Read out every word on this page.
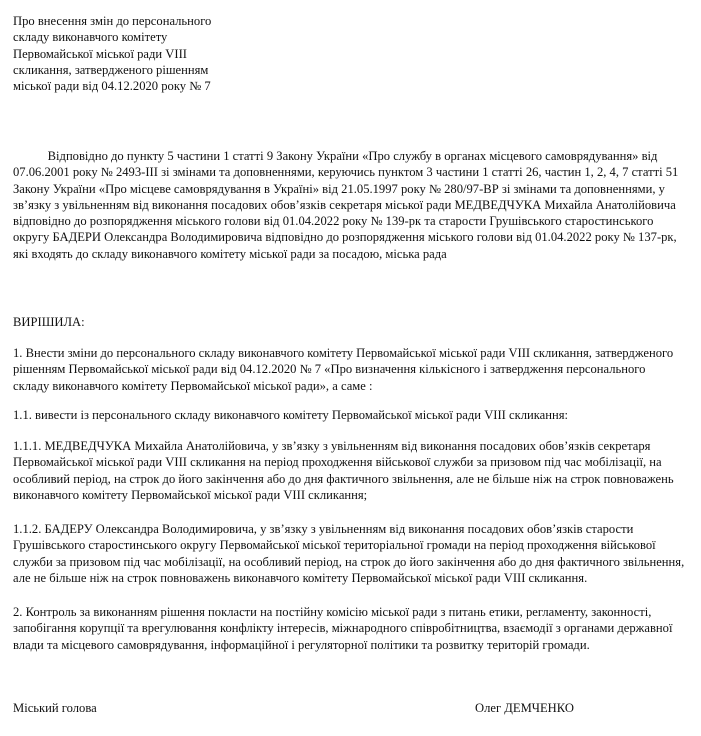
Про внесення змін до персонального
складу виконавчого комітету
Первомайської міської ради VIII
скликання, затвердженого рішенням
міської ради від 04.12.2020 року № 7
Відповідно до пункту 5 частини 1 статті 9 Закону України «Про службу в органах місцевого самоврядування» від
07.06.2001 року № 2493-ІІІ зі змінами та доповненнями, керуючись пунктом 3 частини 1 статті 26, частин 1, 2, 4, 7 статті 51
Закону України «Про місцеве самоврядування в Україні» від 21.05.1997 року № 280/97-ВР зі змінами та доповненнями, у
зв’язку з увільненням від виконання посадових обов’язків секретаря міської ради МЕДВЕДЧУКА Михайла Анатолійовича
відповідно до розпорядження міського голови від 01.04.2022 року № 139-рк та старости Грушівського старостинського
округу БАДЕРИ Олександра Володимировича відповідно до розпорядження міського голови від 01.04.2022 року № 137-рк,
які входять до складу виконавчого комітету міської ради за посадою, міська рада
ВИРІШИЛА:
1. Внести зміни до персонального складу виконавчого комітету Первомайської міської ради VIII скликання, затвердженого
рішенням Первомайської міської ради від 04.12.2020 № 7 «Про визначення кількісного і затвердження персонального
складу виконавчого комітету Первомайської міської ради», а саме :
1.1. вивести із персонального складу виконавчого комітету Первомайської міської ради VIII скликання:
1.1.1. МЕДВЕДЧУКА Михайла Анатолійовича, у зв’язку з увільненням від виконання посадових обов’язків секретаря
Первомайської міської ради VIII скликання на період проходження військової служби за призовом під час мобілізації, на
особливий період, на строк до його закінчення або до дня фактичного звільнення, але не більше ніж на строк повноважень
виконавчого комітету Первомайської міської ради VIII скликання;
1.1.2. БАДЕРУ Олександра Володимировича, у зв’язку з увільненням від виконання посадових обов’язків старости
Грушівського старостинського округу Первомайської міської територіальної громади на період проходження військової
служби за призовом під час мобілізації, на особливий період, на строк до його закінчення або до дня фактичного звільнення,
але не більше ніж на строк повноважень виконавчого комітету Первомайської міської ради VIII скликання.
2. Контроль за виконанням рішення покласти на постійну комісію міської ради з питань етики, регламенту, законності,
запобігання корупції та врегулювання конфлікту інтересів, міжнародного співробітництва, взаємодії з органами державної
влади та місцевого самоврядування, інформаційної і регуляторної політики та розвитку територій громади.
Міський голова	Олег ДЕМЧЕНКО
